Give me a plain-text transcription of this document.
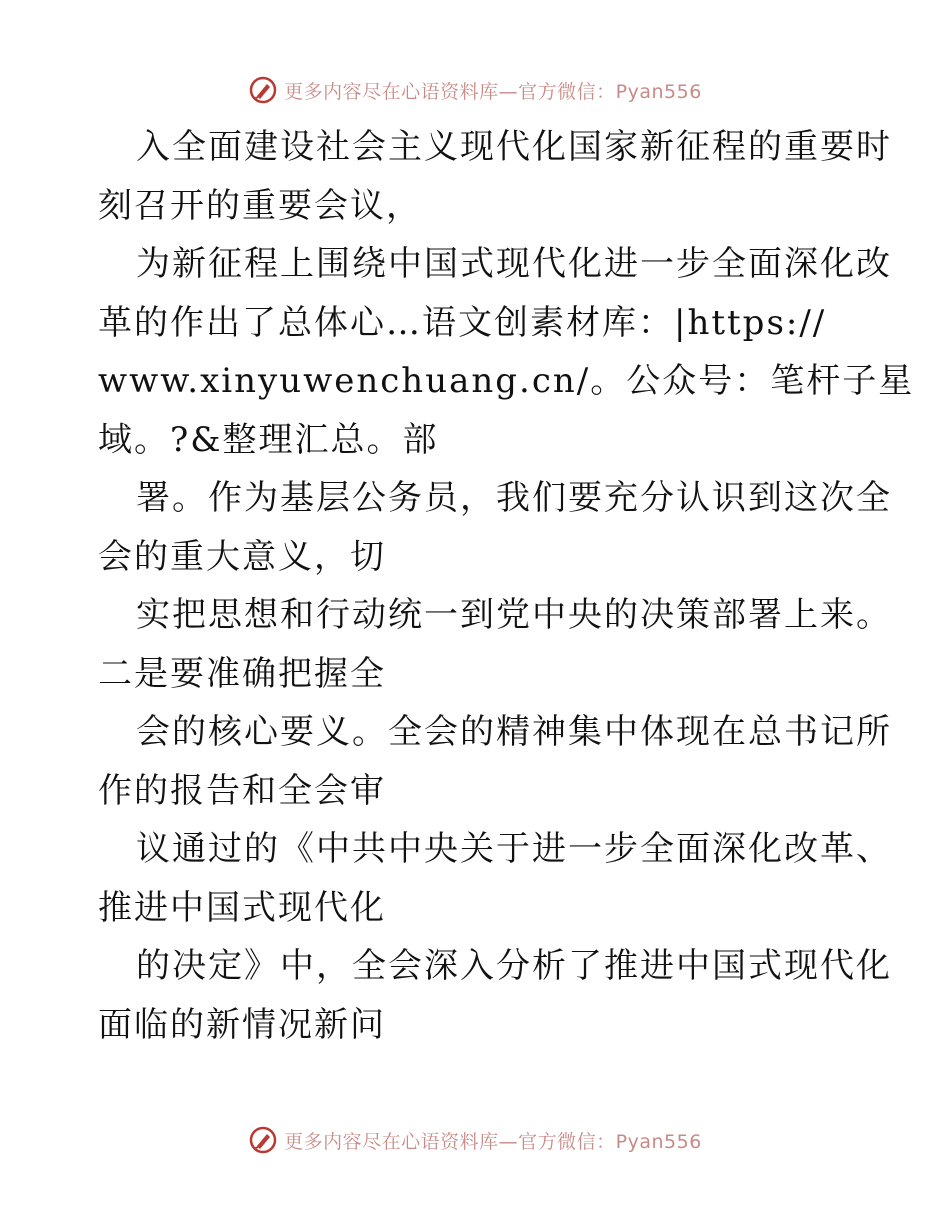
更多内容尽在心语资料库—官方微信：Pyan556
入全面建设社会主义现代化国家新征程的重要时
刻召开的重要会议，
为新征程上围绕中国式现代化进一步全面深化改
革的作出了总体心…语文创素材库：|https://
www.xinyuwenchuang.cn/。公众号：笔杆子星
域。?&整理汇总。部
署。作为基层公务员，我们要充分认识到这次全
会的重大意义，切
实把思想和行动统一到党中央的决策部署上来。
二是要准确把握全
会的核心要义。全会的精神集中体现在总书记所
作的报告和全会审
议通过的《中共中央关于进一步全面深化改革、
推进中国式现代化
的决定》中，全会深入分析了推进中国式现代化
面临的新情况新问
更多内容尽在心语资料库—官方微信：Pyan556
